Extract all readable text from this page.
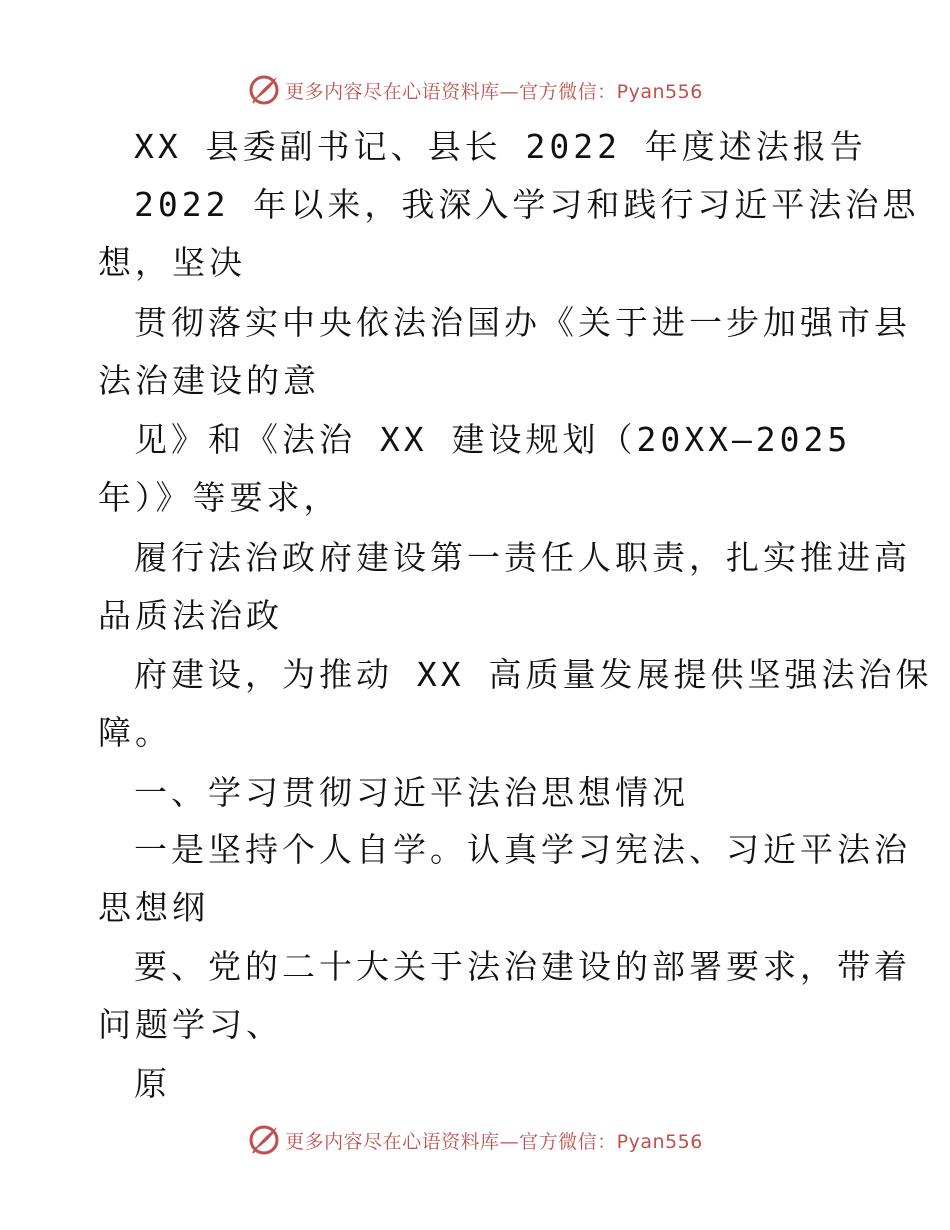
更多内容尽在心语资料库—官方微信：Pyan556
XX 县委副书记、县长 2022 年度述法报告
2022 年以来，我深入学习和践行习近平法治思
想，坚决
贯彻落实中央依法治国办《关于进一步加强市县
法治建设的意
见》和《法治 XX 建设规划（20XX—2025
年）》等要求，
履行法治政府建设第一责任人职责，扎实推进高
品质法治政
府建设，为推动 XX 高质量发展提供坚强法治保
障。
一、学习贯彻习近平法治思想情况
一是坚持个人自学。认真学习宪法、习近平法治
思想纲
要、党的二十大关于法治建设的部署要求，带着
问题学习、
原
更多内容尽在心语资料库—官方微信：Pyan556
